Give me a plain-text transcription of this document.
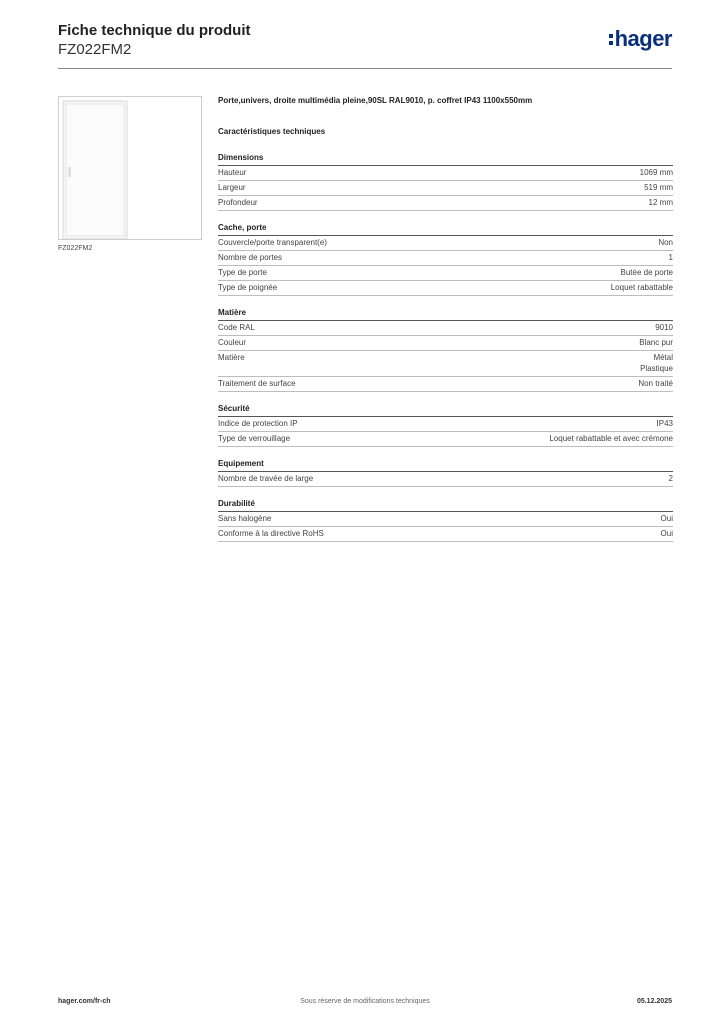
Fiche technique du produit
FZ022FM2	hager
FZ022FM2
Porte,univers, droite multimédia pleine,90SL RAL9010, p. coffret IP43 1100x550mm
Caractéristiques techniques
Dimensions
Hauteur	1069 mm
Largeur	519 mm
Profondeur	12 mm
Cache, porte
Couvercle/porte transparent(e)	Non
Nombre de portes	1
Type de porte	Butée de porte
Type de poignée	Loquet rabattable
Matière
Code RAL	9010
Couleur	Blanc pur
Matière	Métal
Plastique
Traitement de surface	Non traité
Sécurité
Indice de protection IP	IP43
Type de verrouillage	Loquet rabattable et avec crémone
Equipement
Nombre de travée de large	2
Durabilité
Sans halogène	Oui
Conforme à la directive RoHS	Oui
hager.com/fr-ch	Sous réserve de modifications techniques	05.12.2025
